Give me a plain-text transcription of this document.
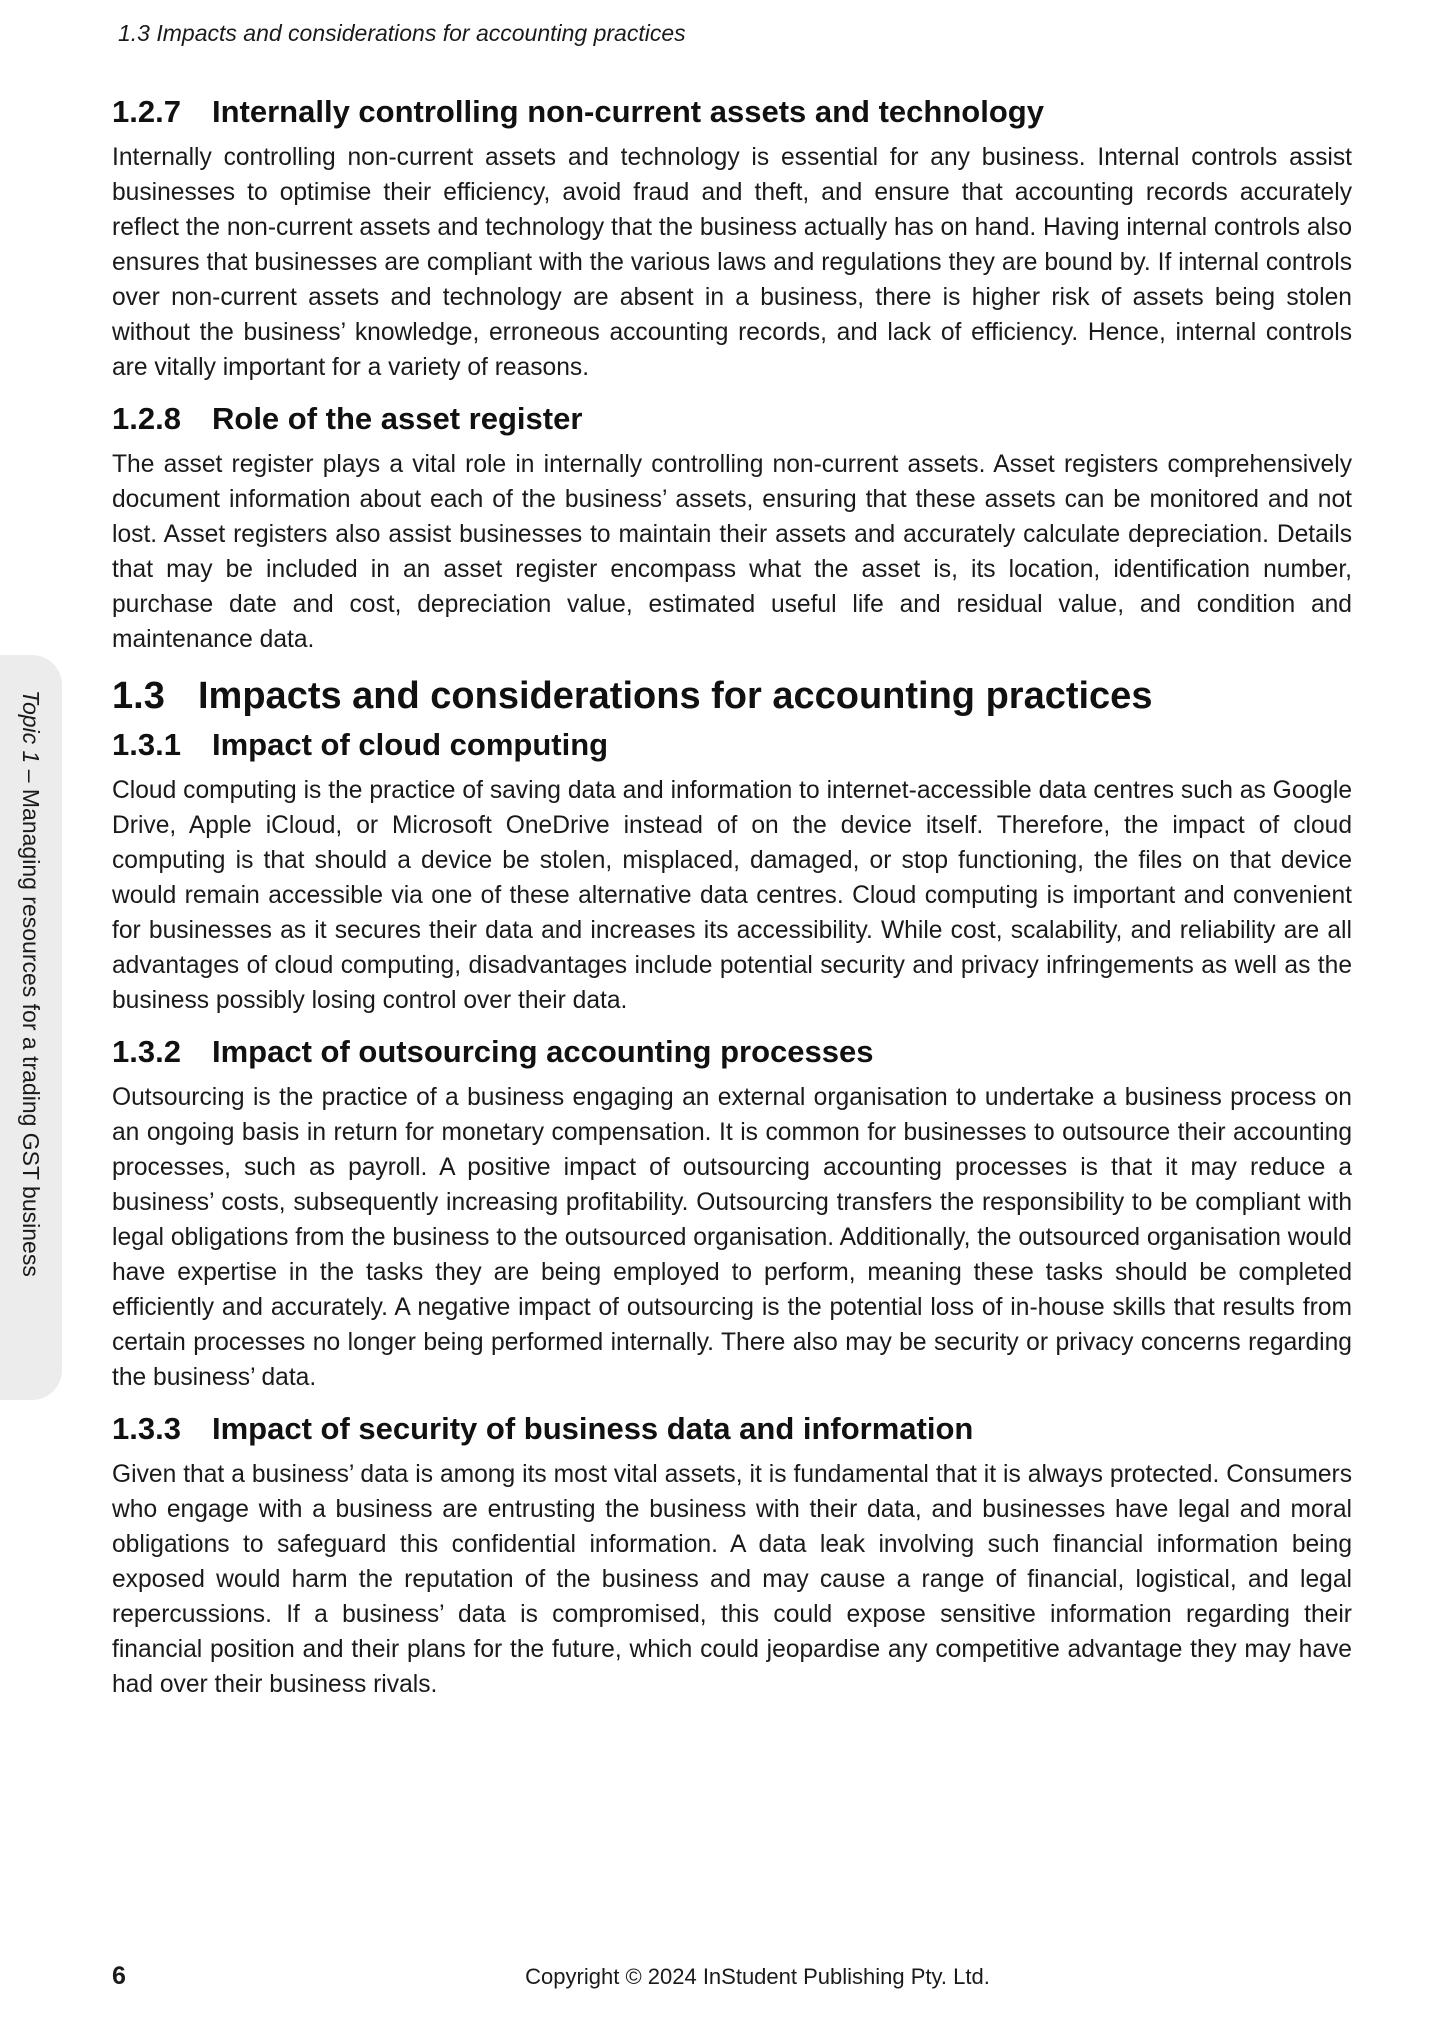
1.3 Impacts and considerations for accounting practices
Topic 1 – Managing resources for a trading GST business
1.2.7 Internally controlling non-current assets and technology

Internally controlling non-current assets and technology is essential for any business. Internal controls assist businesses to optimise their efficiency, avoid fraud and theft, and ensure that accounting records accurately reflect the non-current assets and technology that the business actually has on hand. Having internal controls also ensures that businesses are compliant with the various laws and regulations they are bound by. If internal controls over non-current assets and technology are absent in a business, there is higher risk of assets being stolen without the business’ knowledge, erroneous accounting records, and lack of efficiency. Hence, internal controls are vitally important for a variety of reasons.

1.2.8 Role of the asset register

The asset register plays a vital role in internally controlling non-current assets. Asset registers comprehensively document information about each of the business’ assets, ensuring that these assets can be monitored and not lost. Asset registers also assist businesses to maintain their assets and accurately calculate depreciation. Details that may be included in an asset register encompass what the asset is, its location, identification number, purchase date and cost, depreciation value, estimated useful life and residual value, and condition and maintenance data.

1.3 Impacts and considerations for accounting practices
1.3.1 Impact of cloud computing

Cloud computing is the practice of saving data and information to internet-accessible data centres such as Google Drive, Apple iCloud, or Microsoft OneDrive instead of on the device itself. Therefore, the impact of cloud computing is that should a device be stolen, misplaced, damaged, or stop functioning, the files on that device would remain accessible via one of these alternative data centres. Cloud computing is important and convenient for businesses as it secures their data and increases its accessibility. While cost, scalability, and reliability are all advantages of cloud computing, disadvantages include potential security and privacy infringements as well as the business possibly losing control over their data.

1.3.2 Impact of outsourcing accounting processes

Outsourcing is the practice of a business engaging an external organisation to undertake a business process on an ongoing basis in return for monetary compensation. It is common for businesses to outsource their accounting processes, such as payroll. A positive impact of outsourcing accounting processes is that it may reduce a business’ costs, subsequently increasing profitability. Outsourcing transfers the responsibility to be compliant with legal obligations from the business to the outsourced organisation. Additionally, the outsourced organisation would have expertise in the tasks they are being employed to perform, meaning these tasks should be completed efficiently and accurately. A negative impact of outsourcing is the potential loss of in-house skills that results from certain processes no longer being performed internally. There also may be security or privacy concerns regarding the business’ data.

1.3.3 Impact of security of business data and information

Given that a business’ data is among its most vital assets, it is fundamental that it is always protected. Consumers who engage with a business are entrusting the business with their data, and businesses have legal and moral obligations to safeguard this confidential information. A data leak involving such financial information being exposed would harm the reputation of the business and may cause a range of financial, logistical, and legal repercussions. If a business’ data is compromised, this could expose sensitive information regarding their financial position and their plans for the future, which could jeopardise any competitive advantage they may have had over their business rivals.

6	Copyright © 2024 InStudent Publishing Pty. Ltd.
